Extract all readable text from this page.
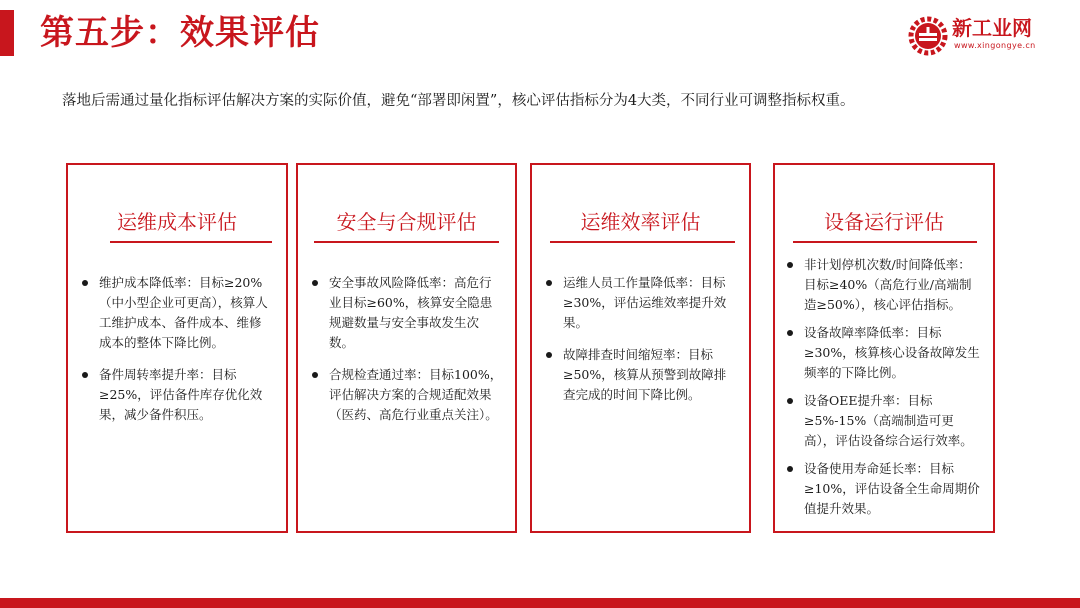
第五步：效果评估	新工业网
www.xingongye.cn
落地后需通过量化指标评估解决方案的实际价值，避免“部署即闲置”，核心评估指标分为4大类，不同行业可调整指标权重。
运维成本评估
维护成本降低率：目标≥20%（中小型企业可更高），核算人工维护成本、备件成本、维修成本的整体下降比例。
备件周转率提升率：目标≥25%，评估备件库存优化效果，减少备件积压。
安全与合规评估
安全事故风险降低率：高危行业目标≥60%，核算安全隐患规避数量与安全事故发生次数。
合规检查通过率：目标100%，评估解决方案的合规适配效果（医药、高危行业重点关注）。
运维效率评估
运维人员工作量降低率：目标≥30%，评估运维效率提升效果。
故障排查时间缩短率：目标≥50%，核算从预警到故障排查完成的时间下降比例。
设备运行评估
非计划停机次数/时间降低率：目标≥40%（高危行业/高端制造≥50%），核心评估指标。
设备故障率降低率：目标≥30%，核算核心设备故障发生频率的下降比例。
设备OEE提升率：目标≥5%-15%（高端制造可更高），评估设备综合运行效率。
设备使用寿命延长率：目标≥10%，评估设备全生命周期价值提升效果。
